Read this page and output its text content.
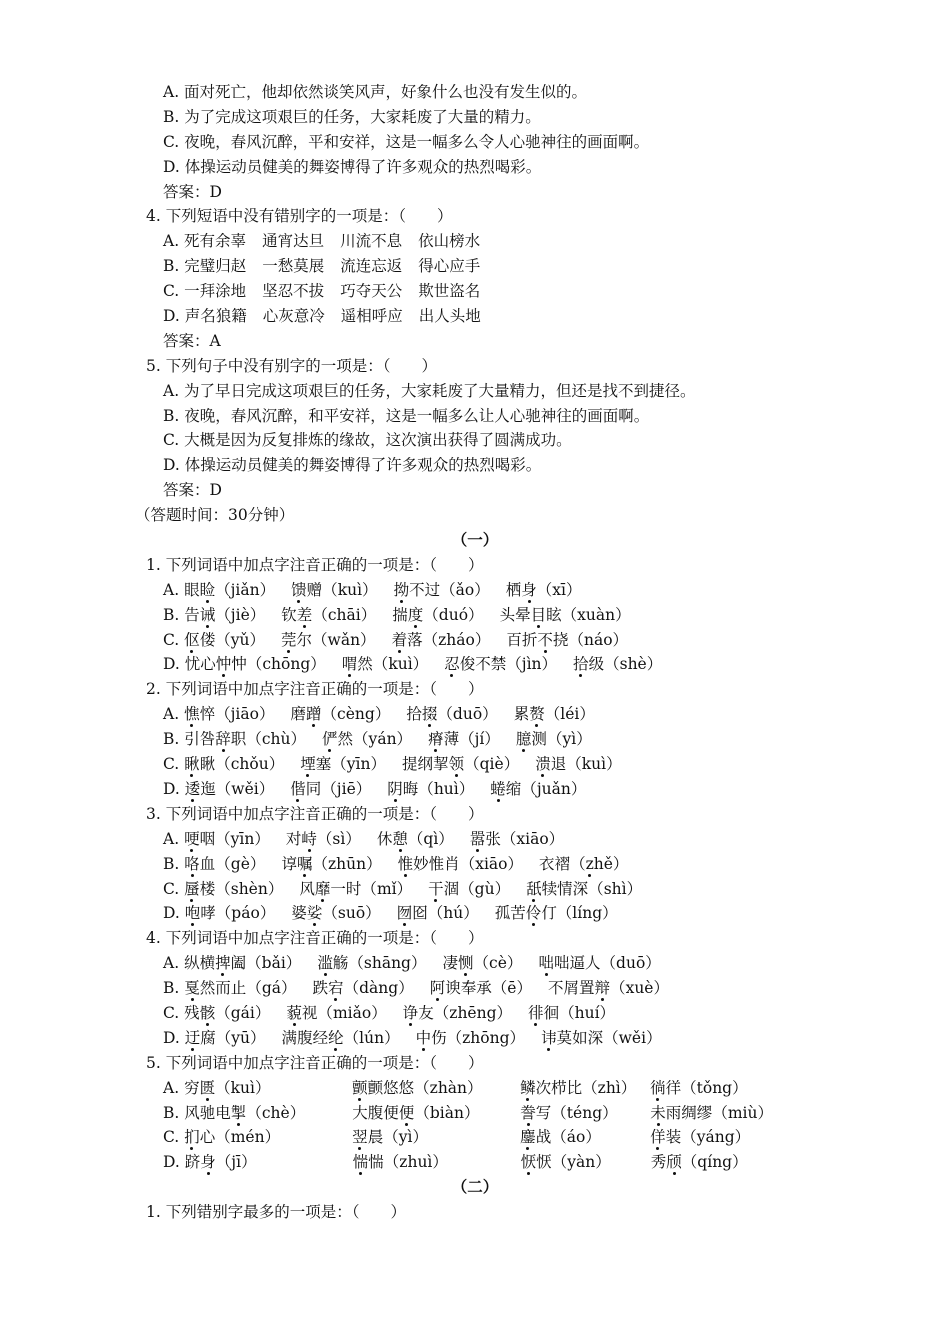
A. 面对死亡，他却依然谈笑风声，好象什么也没有发生似的。
B. 为了完成这项艰巨的任务，大家耗废了大量的精力。
C. 夜晚，春风沉醉，平和安祥，这是一幅多么令人心驰神往的画面啊。
D. 体操运动员健美的舞姿博得了许多观众的热烈喝彩。
答案：D
4. 下列短语中没有错别字的一项是：（　　）
A. 死有余辜 通宵达旦 川流不息 依山榜水
B. 完璧归赵 一愁莫展 流连忘返 得心应手
C. 一拜涂地 坚忍不拔 巧夺天公 欺世盗名
D. 声名狼籍 心灰意冷 遥相呼应 出人头地
答案：A
5. 下列句子中没有别字的一项是：（　　）
A. 为了早日完成这项艰巨的任务，大家耗废了大量精力，但还是找不到捷径。
B. 夜晚，春风沉醉，和平安祥，这是一幅多么让人心驰神往的画面啊。
C. 大概是因为反复排炼的缘故，这次演出获得了圆满成功。
D. 体操运动员健美的舞姿博得了许多观众的热烈喝彩。
答案：D
（答题时间：30分钟）
（一）
1. 下列词语中加点字注音正确的一项是：（　　）
A. 眼睑（jiǎn） 馈赠（kuì） 拗不过（ǎo） 栖身（xī）
B. 告诫（jiè） 钦差（chāi） 揣度（duó） 头晕目眩（xuàn）
C. 伛偻（yǔ） 莞尔（wǎn） 着落（zháo） 百折不挠（náo）
D. 忧心忡忡（chōng） 喟然（kuì） 忍俊不禁（jìn） 拾级（shè）
2. 下列词语中加点字注音正确的一项是：（　　）
A. 憔悴（jiāo） 磨蹭（cèng） 拾掇（duō） 累赘（léi）
B. 引咎辞职（chù） 俨然（yán） 瘠薄（jí） 臆测（yì）
C. 瞅瞅（chǒu） 堙塞（yīn） 提纲挈领（qiè） 溃退（kuì）
D. 逶迤（wěi） 偕同（jiē） 阴晦（huì） 蜷缩（juǎn）
3. 下列词语中加点字注音正确的一项是：（　　）
A. 哽咽（yīn） 对峙（sì） 休憩（qì） 嚣张（xiāo）
B. 咯血（gè） 谆嘱（zhūn） 惟妙惟肖（xiāo） 衣褶（zhě）
C. 蜃楼（shèn） 风靡一时（mǐ） 干涸（gù） 舐犊情深（shì）
D. 咆哮（páo） 婆娑（suō） 囫囵（hú） 孤苦伶仃（líng）
4. 下列词语中加点字注音正确的一项是：（　　）
A. 纵横捭阖（bǎi） 滥觞（shāng） 凄恻（cè） 咄咄逼人（duō）
B. 戛然而止（gá） 跌宕（dàng） 阿谀奉承（ē） 不屑置辩（xuè）
C. 残骸（gái） 藐视（miǎo） 诤友（zhēng） 徘徊（huí）
D. 迂腐（yū） 满腹经纶（lún） 中伤（zhōng） 讳莫如深（wěi）
5. 下列词语中加点字注音正确的一项是：（　　）
A. 穷匮（kuì）	颤颤悠悠（zhàn） 鳞次栉比（zhì） 徜徉（tǒng）
B. 风驰电掣（chè）	大腹便便（biàn）	誊写（téng） 未雨绸缪（miù）
C. 扪心（mén）	翌晨（yì）	鏖战（áo）	佯装（yáng）
D. 跻身（jī）	惴惴（zhuì）	恹恹（yàn）	秀颀（qíng）
（二）
1. 下列错别字最多的一项是：（　　）
